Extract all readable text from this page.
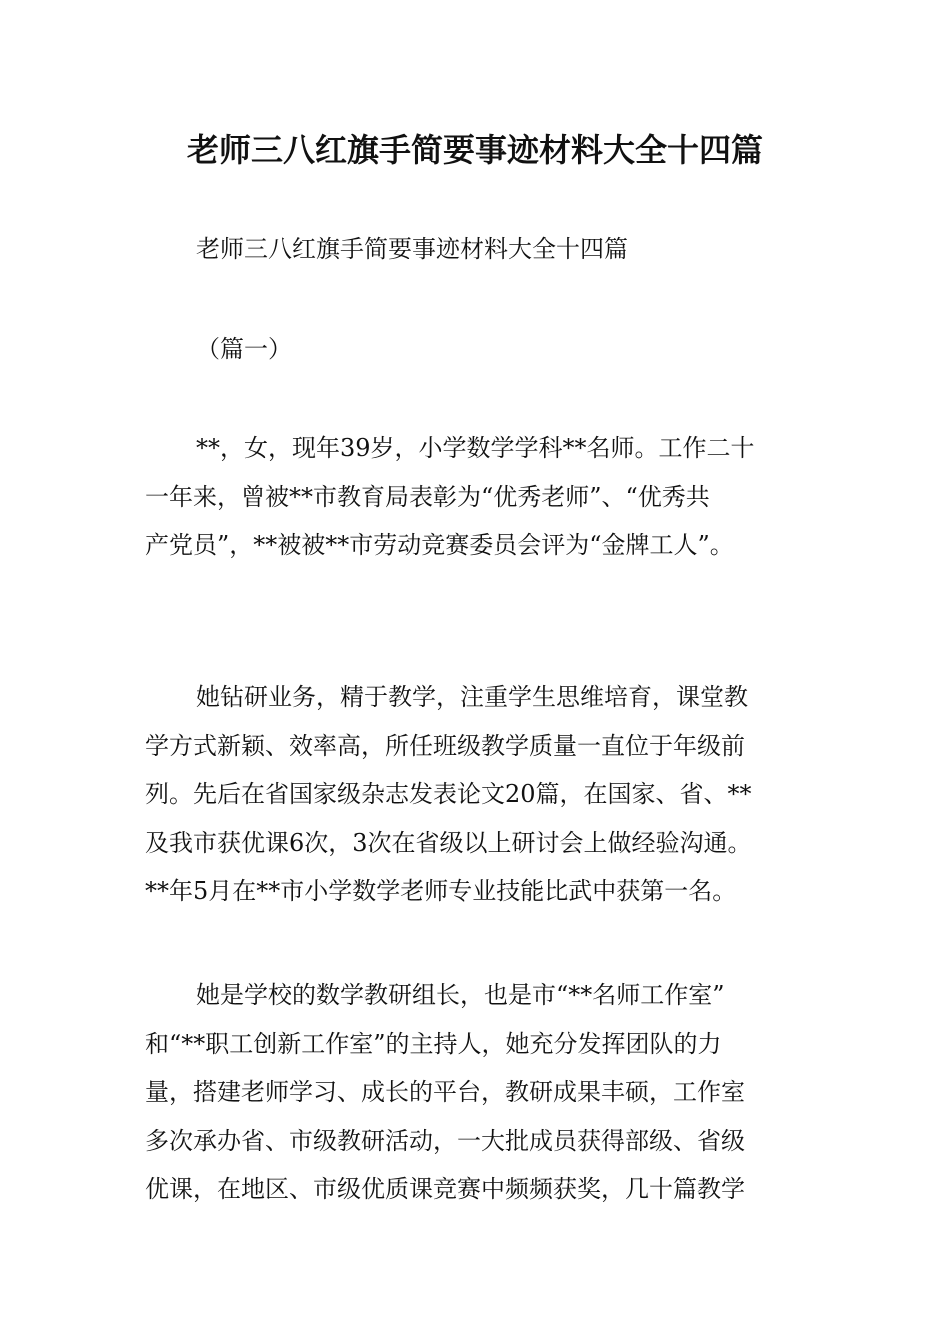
老师三八红旗手简要事迹材料大全十四篇
老师三八红旗手简要事迹材料大全十四篇
（篇一）
**，女，现年39岁，小学数学学科**名师。工作二十
一年来，曾被**市教育局表彰为“优秀老师”、“优秀共
产党员”，**被被**市劳动竞赛委员会评为“金牌工人”。
她钻研业务，精于教学，注重学生思维培育，课堂教
学方式新颖、效率高，所任班级教学质量一直位于年级前
列。先后在省国家级杂志发表论文20篇，在国家、省、**
及我市获优课6次，3次在省级以上研讨会上做经验沟通。
**年5月在**市小学数学老师专业技能比武中获第一名。
她是学校的数学教研组长，也是市“**名师工作室”
和“**职工创新工作室”的主持人，她充分发挥团队的力
量，搭建老师学习、成长的平台，教研成果丰硕，工作室
多次承办省、市级教研活动，一大批成员获得部级、省级
优课，在地区、市级优质课竞赛中频频获奖，几十篇教学
